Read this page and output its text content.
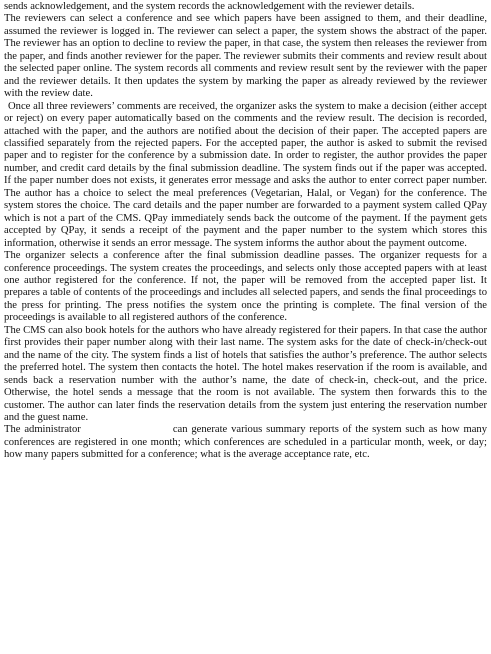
sends acknowledgement, and the system records the acknowledgement with the reviewer details.

The reviewers can select a conference and see which papers have been assigned to them, and their deadline, assumed the reviewer is logged in. The reviewer can select a paper, the system shows the abstract of the paper. The reviewer has an option to decline to review the paper, in that case, the system then releases the reviewer from the paper, and finds another reviewer for the paper. The reviewer submits their comments and review result about the selected paper online. The system records all comments and review result sent by the reviewer with the paper and the reviewer details. It then updates the system by marking the paper as already reviewed by the reviewer with the review date.

Once all three reviewers’ comments are received, the organizer asks the system to make a decision (either accept or reject) on every paper automatically based on the comments and the review result. The decision is recorded, attached with the paper, and the authors are notified about the decision of their paper. The accepted papers are classified separately from the rejected papers. For the accepted paper, the author is asked to submit the revised paper and to register for the conference by a submission date. In order to register, the author provides the paper number, and credit card details by the final submission deadline. The system finds out if the paper was accepted. If the paper number does not exists, it generates error message and asks the author to enter correct paper number. The author has a choice to select the meal preferences (Vegetarian, Halal, or Vegan) for the conference. The system stores the choice. The card details and the paper number are forwarded to a payment system called QPay which is not a part of the CMS. QPay immediately sends back the outcome of the payment. If the payment gets accepted by QPay, it sends a receipt of the payment and the paper number to the system which stores this information, otherwise it sends an error message. The system informs the author about the payment outcome.

The organizer selects a conference after the final submission deadline passes. The organizer requests for a conference proceedings. The system creates the proceedings, and selects only those accepted papers with at least one author registered for the conference. If not, the paper will be removed from the accepted paper list. It prepares a table of contents of the proceedings and includes all selected papers, and sends the final proceedings to the press for printing. The press notifies the system once the printing is complete. The final version of the proceedings is available to all registered authors of the conference.

The CMS can also book hotels for the authors who have already registered for their papers. In that case the author first provides their paper number along with their last name. The system asks for the date of check-in/check-out and the name of the city. The system finds a list of hotels that satisfies the author’s preference. The author selects the preferred hotel. The system then contacts the hotel. The hotel makes reservation if the room is available, and sends back a reservation number with the author’s name, the date of check-in, check-out, and the price. Otherwise, the hotel sends a message that the room is not available. The system then forwards this to the customer. The author can later finds the reservation details from the system just entering the reservation number and the guest name.

The administrator	can generate various summary reports of the system such as how many conferences are registered in one month; which conferences are scheduled in a particular month, week, or day; how many papers submitted for a conference; what is the average acceptance rate, etc.
